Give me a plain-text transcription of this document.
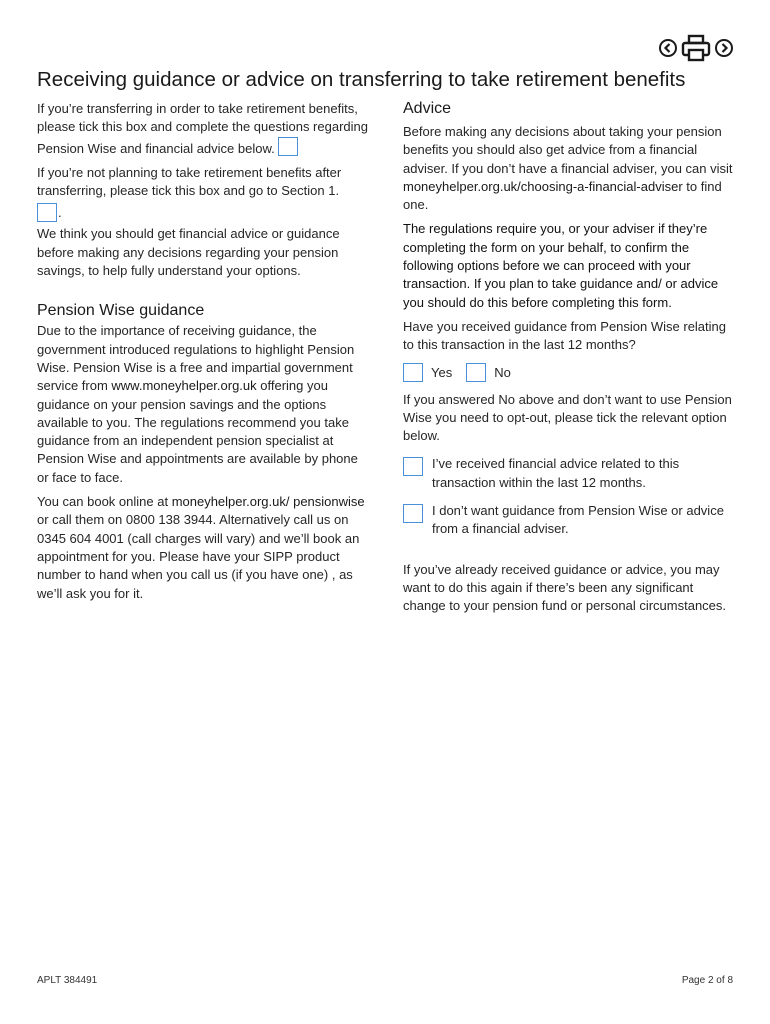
Receiving guidance or advice on transferring to take retirement benefits

If you’re transferring in order to take retirement benefits, please tick this box and complete the questions regarding Pension Wise and financial advice below.

If you’re not planning to take retirement benefits after transferring, please tick this box and go to Section 1.

.

We think you should get financial advice or guidance before making any decisions regarding your pension savings, to help fully understand your options.

Pension Wise guidance

Due to the importance of receiving guidance, the government introduced regulations to highlight Pension Wise. Pension Wise is a free and impartial government service from www.moneyhelper.org.uk offering you guidance on your pension savings and the options available to you. The regulations recommend you take guidance from an independent pension specialist at Pension Wise and appointments are available by phone or face to face.

You can book online at moneyhelper.org.uk/ pensionwise or call them on 0800 138 3944. Alternatively call us on 0345 604 4001 (call charges will vary) and we’ll book an appointment for you. Please have your SIPP product number to hand when you call us (if you have one) , as we’ll ask you for it.

Advice

Before making any decisions about taking your pension benefits you should also get advice from a financial adviser. If you don’t have a financial adviser, you can visit moneyhelper.org.uk/choosing-a-financial-adviser to find one.

The regulations require you, or your adviser if they’re completing the form on your behalf, to confirm the following options before we can proceed with your transaction. If you plan to take guidance and/ or advice you should do this before completing this form.

Have you received guidance from Pension Wise relating to this transaction in the last 12 months?

Yes	No

If you answered No above and don’t want to use Pension Wise you need to opt-out, please tick the relevant option below.

I’ve received financial advice related to this transaction within the last 12 months.

I don’t want guidance from Pension Wise or advice from a financial adviser.

If you’ve already received guidance or advice, you may want to do this again if there’s been any significant change to your pension fund or personal circumstances.

APLT 384491	Page 2 of 8
